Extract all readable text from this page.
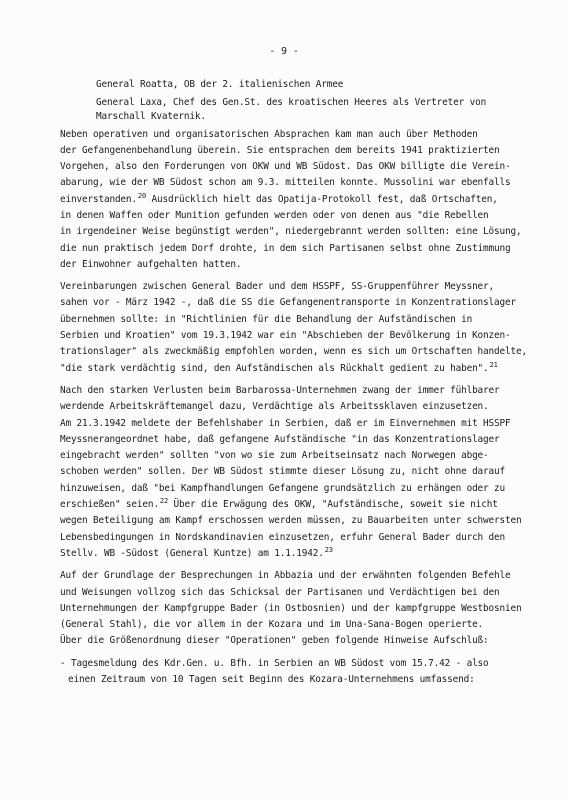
- 9 -
General Roatta, OB der 2. italienischen Armee
General Laxa, Chef des Gen.St. des kroatischen Heeres als Vertreter von
Marschall Kvaternik.
Neben operativen und organisatorischen Absprachen kam man auch über Methoden
der Gefangenenbehandlung überein. Sie entsprachen dem bereits 1941 praktizierten
Vorgehen, also den Forderungen von OKW und WB Südost. Das OKW billigte die Verein-
abarung, wie der WB Südost schon am 9.3. mitteilen konnte. Mussolini war ebenfalls
einverstanden.$^{20}$ Ausdrücklich hielt das Opatija-Protokoll fest, daß Ortschaften,
in denen Waffen oder Munition gefunden werden oder von denen aus "die Rebellen
in irgendeiner Weise begünstigt werden", niedergebrannt werden sollten: eine Lösung,
die nun praktisch jedem Dorf drohte, in dem sich Partisanen selbst ohne Zustimmung
der Einwohner aufgehalten hatten.
Vereinbarungen zwischen General Bader und dem HSSPF, SS-Gruppenführer Meyssner,
sahen vor - März 1942 -, daß die SS die Gefangenentransporte in Konzentrationslager
übernehmen sollte: in "Richtlinien für die Behandlung der Aufständischen in
Serbien und Kroatien" vom 19.3.1942 war ein "Abschieben der Bevölkerung in Konzen-
trationslager" als zweckmäßig empfohlen worden, wenn es sich um Ortschaften handelte,
"die stark verdächtig sind, den Aufständischen als Rückhalt gedient zu haben".$^{21}$
Nach den starken Verlusten beim Barbarossa-Unternehmen zwang der immer fühlbarer
werdende Arbeitskräftemangel dazu, Verdächtige als Arbeitssklaven einzusetzen.
Am 21.3.1942 meldete der Befehlshaber in Serbien, daß er im Einvernehmen mit HSSPF
Meyssnerangeordnet habe, daß gefangene Aufständische "in das Konzentrationslager
eingebracht werden" sollten "von wo sie zum Arbeitseinsatz nach Norwegen abge-
schoben werden" sollen. Der WB Südost stimmte dieser Lösung zu, nicht ohne darauf
hinzuweisen, daß "bei Kampfhandlungen Gefangene grundsätzlich zu erhängen oder zu
erschießen" seien.$^{22}$ Über die Erwägung des OKW, "Aufständische, soweit sie nicht
wegen Beteiligung am Kampf erschossen werden müssen, zu Bauarbeiten unter schwersten
Lebensbedingungen in Nordskandinavien einzusetzen, erfuhr General Bader durch den
Stellv. WB -Südost (General Kuntze) am 1.1.1942.23
Auf der Grundlage der Besprechungen in Abbazia und der erwähnten folgenden Befehle
und Weisungen vollzog sich das Schicksal der Partisanen und Verdächtigen bei den
Unternehmungen der Kampfgruppe Bader (in Ostbosnien) und der kampfgruppe Westbosnien
(General Stahl), die vor allem in der Kozara und im Una-Sana-Bogen operierte.
Über die Größenordnung dieser "Operationen" geben folgende Hinweise Aufschluß:
- Tagesmeldung des Kdr.Gen. u. Bfh. in Serbien an WB Südost vom 15.7.42 - also
einen Zeitraum von 10 Tagen seit Beginn des Kozara-Unternehmens umfassend:
